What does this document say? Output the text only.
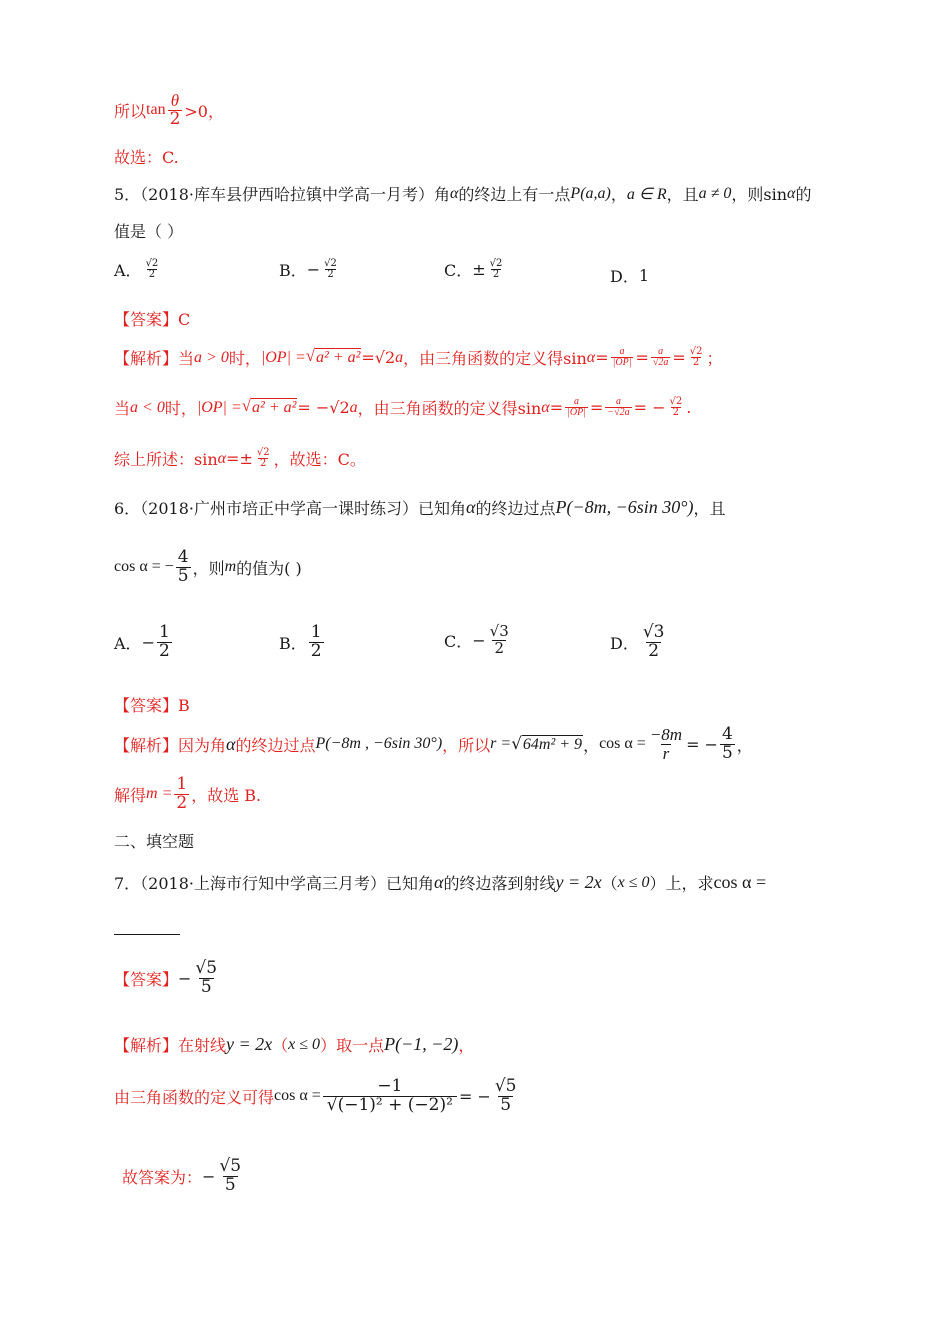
所以 $\tan \frac{\theta}{2} >0$，
故选：C.
5．（2018·库车县伊西哈拉镇中学高一月考）角 α 的终边上有一点 P(a,a) ， a ∈ R ，且 a ≠ 0 ，则sin α 的
值是（ ）
A． $\frac{√2}{2}$	B． − $\frac{√2}{2}$	C． ± $\frac{√2}{2}$	D． 1
【答案】C
【解析】 当 a > 0 时， |OP| = √ a² + a² = √2 a ，由三角函数的定义得$\sin \alpha = \frac{a}{|OP|} = \frac{a}{√2a} = \frac{√2}{2}$ ；
当 a < 0 时， |OP| = √ a² + a² = − √2 a ，由三角函数的定义得$\sin \alpha = \frac{a}{|OP|} = \frac{a}{-√2a}$ = − $\frac{√2}{2}$ .
综上所述：$\sin \alpha =\pm \frac{√2}{2}$ ，故选：C。
6．（2018·广州市培正中学高一课时练习）已知角 α 的终边过点 P(−8m, −6sin 30°) ，且
cos α = − $\frac{4}{5}$ ，则 m 的值为( )
A． − $\frac{1}{2}$	B． $\frac{1}{2}$	C． − $\frac{√3}{2}$	D． $\frac{√3}{2}$
【答案】B
【解析】 因为角 α 的终边过点 P(−8m , −6sin 30°) ，所以 r = √ 64m² + 9 ， $\cos \alpha = \frac{-8m}{r}$ = − $\frac{4}{5}$ ，
解得 $m = \frac{1}{2}$ ，故选 B.
二、填空题
7．（2018·上海市行知中学高三月考）已知角 α 的终边落到射线 y = 2x （ x ≤ 0 ）上，求 cos α =
【答案】 − $\frac{√5}{5}$
【解析】 在射线 y = 2x （ x ≤ 0 ）取一点 P(−1, −2) ，
由三角函数的定义可得 $\cos \alpha = \frac{-1}{\text{√(−1)² + (−2)²}}$ = − $\frac{√5}{5}$
故答案为： − $\frac{√5}{5}$
